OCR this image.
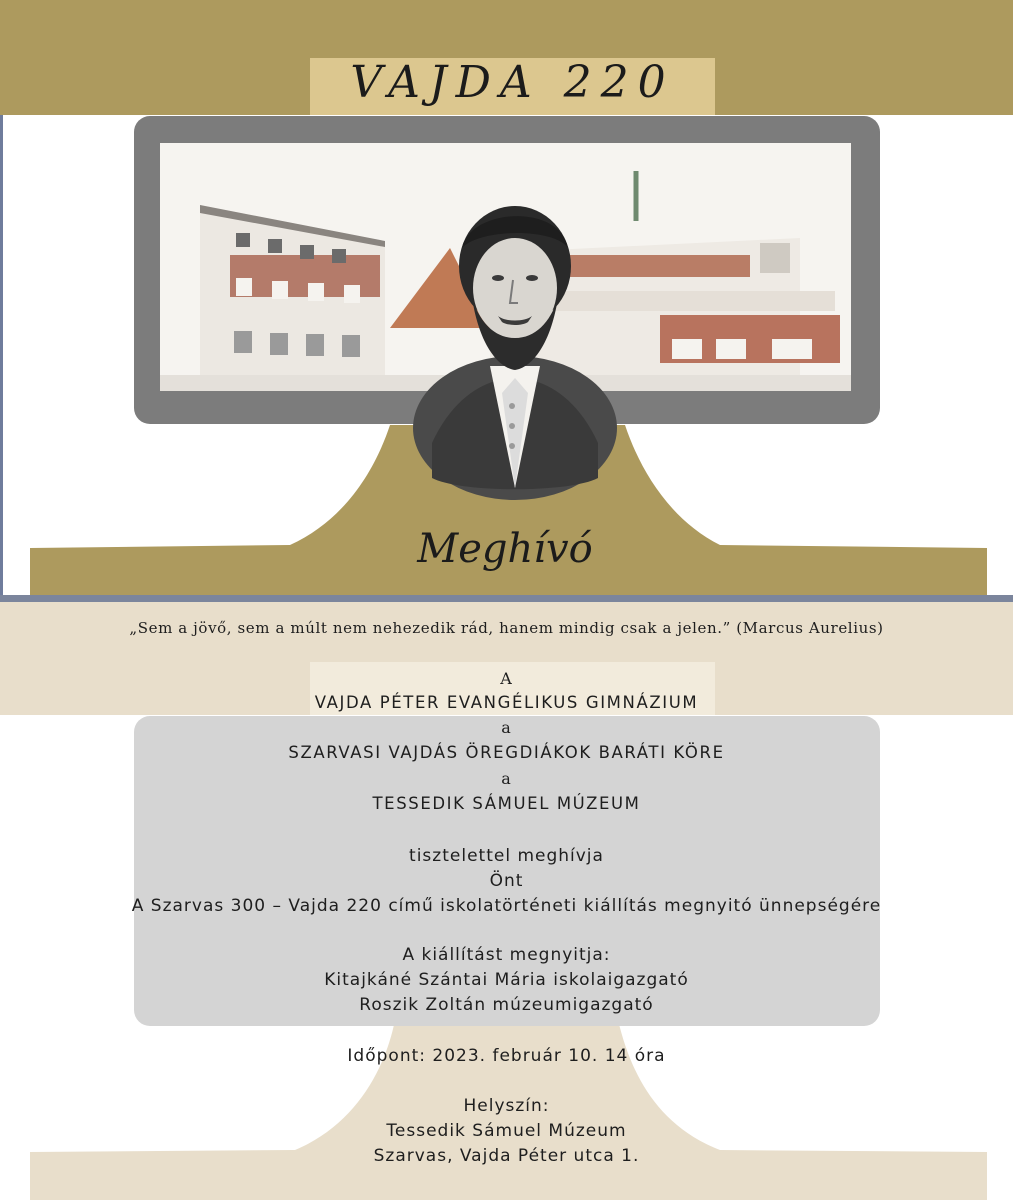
VAJDA 220
Meghívó
„Sem a jövő, sem a múlt nem nehezedik rád, hanem mindig csak a jelen.” (Marcus Aurelius)
A
VAJDA PÉTER EVANGÉLIKUS GIMNÁZIUM
a
SZARVASI VAJDÁS ÖREGDIÁKOK BARÁTI KÖRE
a
TESSEDIK SÁMUEL MÚZEUM
tisztelettel meghívja
Önt
A Szarvas 300 – Vajda 220 című iskolatörténeti kiállítás megnyitó ünnepségére
A kiállítást megnyitja:
Kitajkáné Szántai Mária iskolaigazgató
Roszik Zoltán múzeumigazgató
Időpont: 2023. február 10. 14 óra
Helyszín:
Tessedik Sámuel Múzeum
Szarvas, Vajda Péter utca 1.
